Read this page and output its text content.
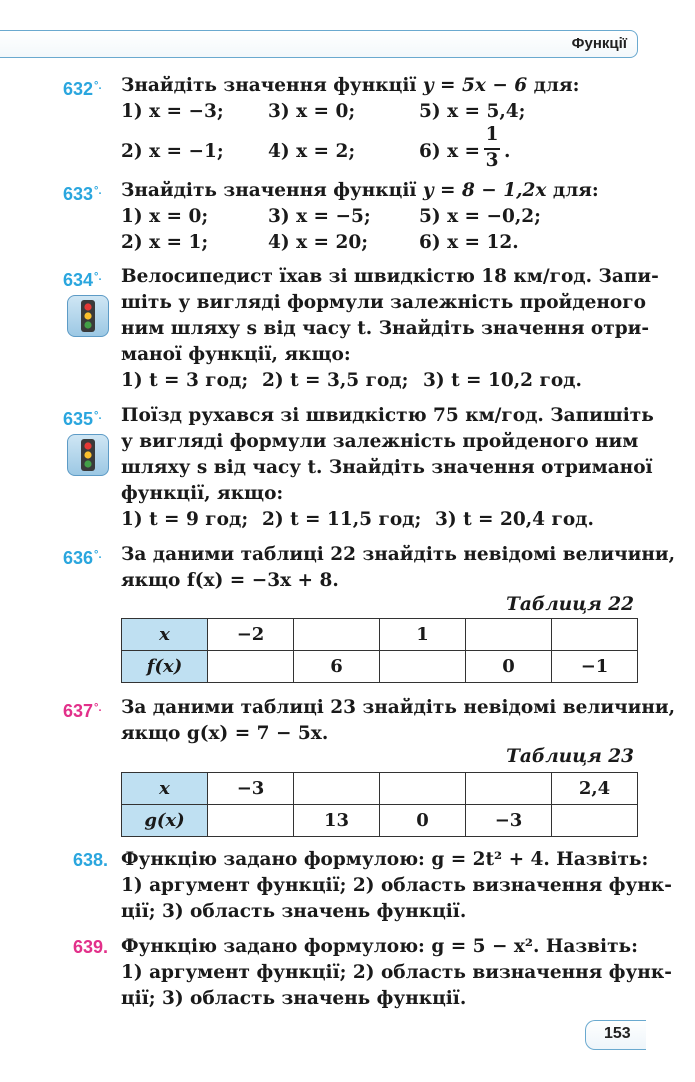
Функції
632°. Знайдіть значення функції y = 5x − 6 для:
1) x = −3; 3) x = 0;	5) x = 5,4;
2) x = −1; 4) x = 2;	6) x =
1
3 .
633°. Знайдіть значення функції y = 8 − 1,2x для:
1) x = 0;	3) x = −5;	5) x = −0,2;
2) x = 1;	4) x = 20;	6) x = 12.
634°. Велосипедист їхав зі швидкістю 18 км/год. Запи-
шіть у вигляді формули залежність пройденого
ним шляху s від часу t. Знайдіть значення отри-
маної функції, якщо:
1) t = 3 год; 2) t = 3,5 год; 3) t = 10,2 год.
635°. Поїзд рухався зі швидкістю 75 км/год. Запишіть
у вигляді формули залежність пройденого ним
шляху s від часу t. Знайдіть значення отриманої
функції, якщо:
1) t = 9 год; 2) t = 11,5 год; 3) t = 20,4 год.
636°. За даними таблиці 22 знайдіть невідомі величини,
якщо f(x) = −3x + 8.
Таблиця 22
x	−2		1		
f(x)		6		0	−1
637°. За даними таблиці 23 знайдіть невідомі величини,
якщо g(x) = 7 − 5x.
Таблиця 23
x	−3				2,4
g(x)		13	0	−3	
638. Функцію задано формулою: g = 2t² + 4. Назвіть:
1) аргумент функції; 2) область визначення функ-
ції; 3) область значень функції.
639. Функцію задано формулою: g = 5 − x². Назвіть:
1) аргумент функції; 2) область визначення функ-
ції; 3) область значень функції.
153
